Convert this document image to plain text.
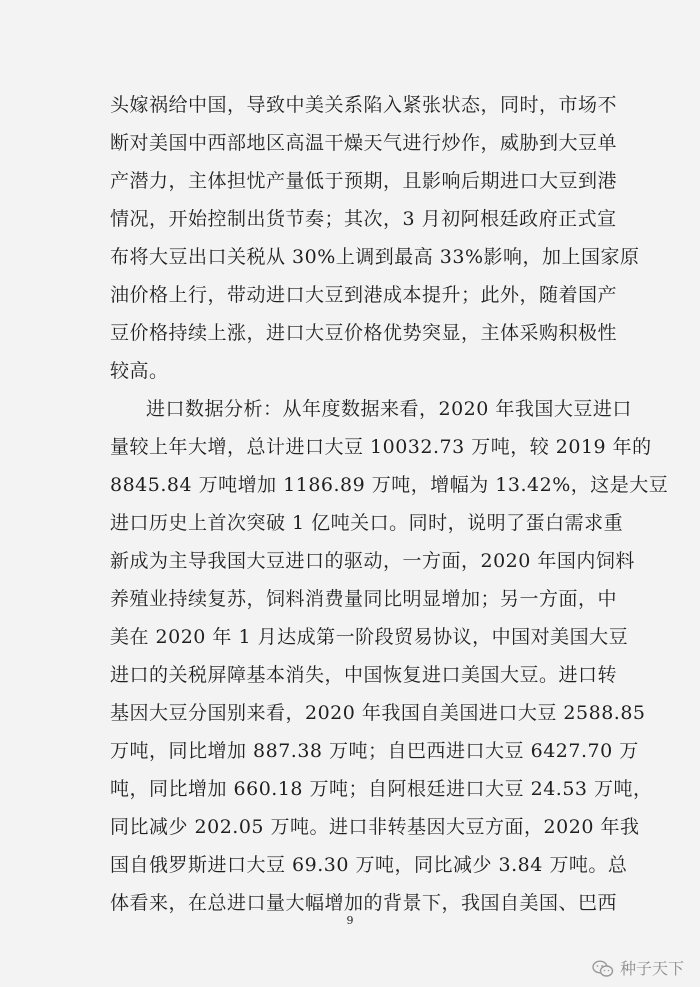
头嫁祸给中国，导致中美关系陷入紧张状态，同时，市场不
断对美国中西部地区高温干燥天气进行炒作，威胁到大豆单
产潜力，主体担忧产量低于预期，且影响后期进口大豆到港
情况，开始控制出货节奏；其次，3 月初阿根廷政府正式宣
布将大豆出口关税从 30%上调到最高 33%影响，加上国家原
油价格上行，带动进口大豆到港成本提升；此外，随着国产
豆价格持续上涨，进口大豆价格优势突显，主体采购积极性
较高。
进口数据分析：从年度数据来看，2020 年我国大豆进口
量较上年大增，总计进口大豆 10032.73 万吨，较 2019 年的
8845.84 万吨增加 1186.89 万吨，增幅为 13.42%，这是大豆
进口历史上首次突破 1 亿吨关口。同时，说明了蛋白需求重
新成为主导我国大豆进口的驱动，一方面，2020 年国内饲料
养殖业持续复苏，饲料消费量同比明显增加；另一方面，中
美在 2020 年 1 月达成第一阶段贸易协议，中国对美国大豆
进口的关税屏障基本消失，中国恢复进口美国大豆。进口转
基因大豆分国别来看，2020 年我国自美国进口大豆 2588.85
万吨，同比增加 887.38 万吨；自巴西进口大豆 6427.70 万
吨，同比增加 660.18 万吨；自阿根廷进口大豆 24.53 万吨，
同比减少 202.05 万吨。进口非转基因大豆方面，2020 年我
国自俄罗斯进口大豆 69.30 万吨，同比减少 3.84 万吨。总
体看来，在总进口量大幅增加的背景下，我国自美国、巴西
9
种子天下
